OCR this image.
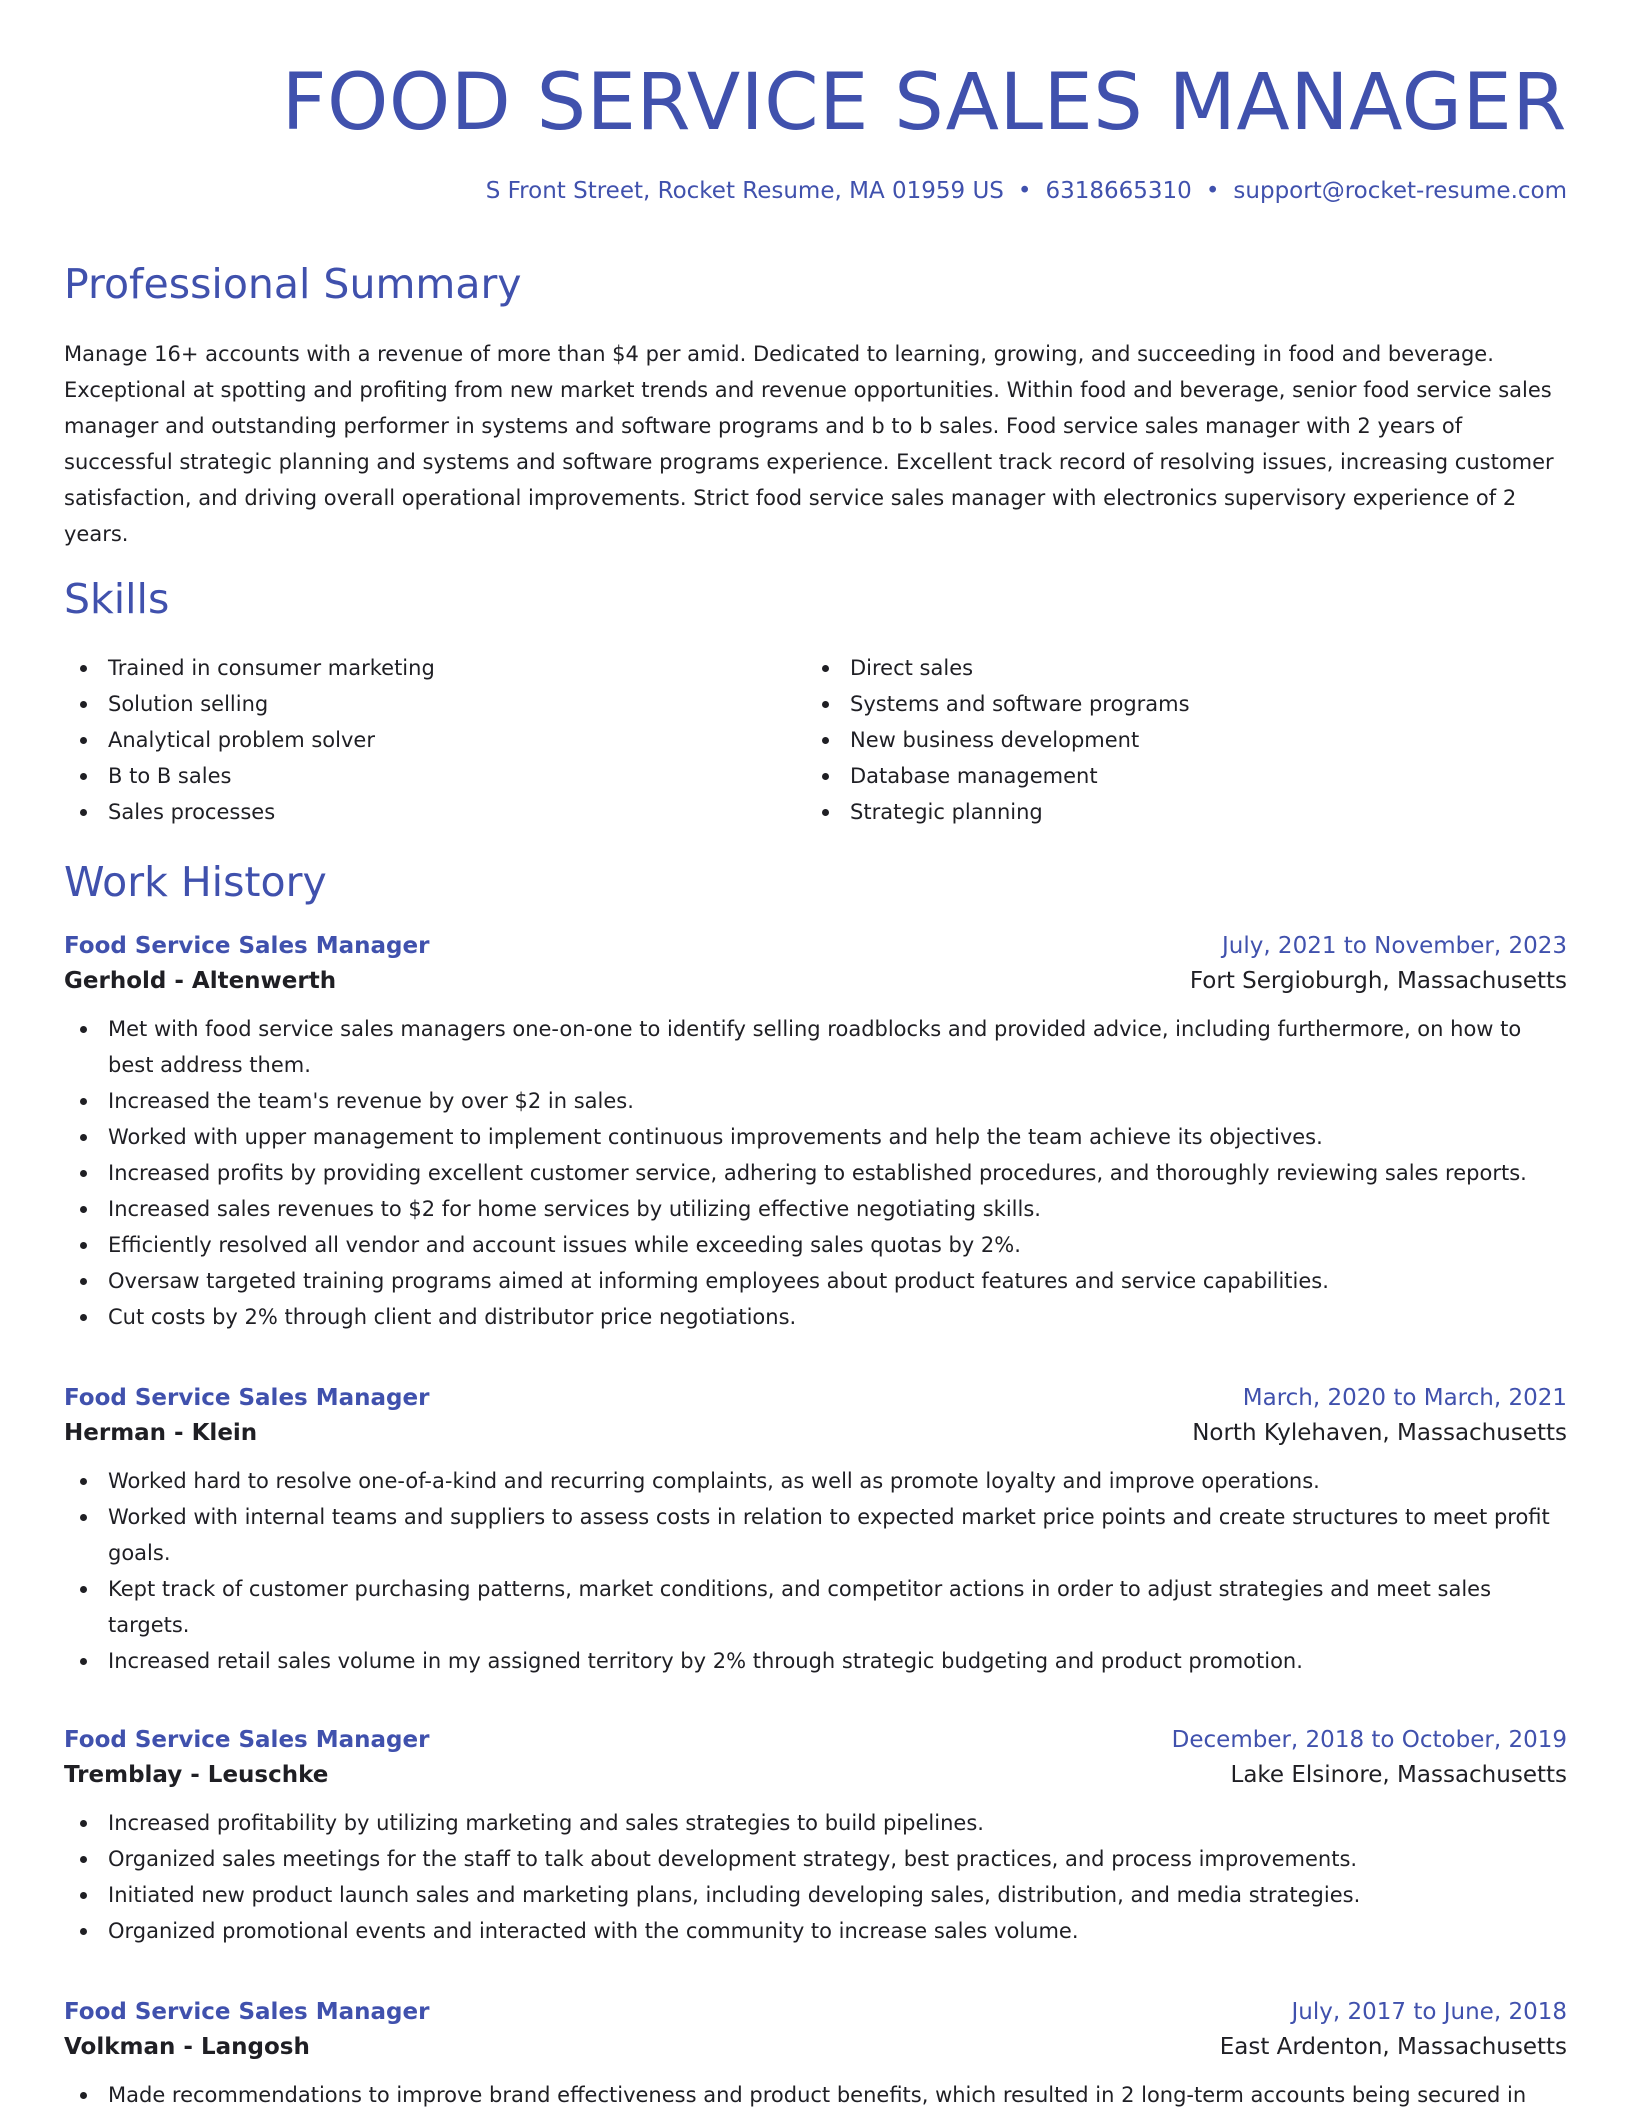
FOOD SERVICE SALES MANAGER
S Front Street, Rocket Resume, MA 01959 US • 6318665310 • support@rocket-resume.com
Professional Summary

Manage 16+ accounts with a revenue of more than $4 per amid. Dedicated to learning, growing, and succeeding in food and beverage. Exceptional at spotting and profiting from new market trends and revenue opportunities. Within food and beverage, senior food service sales manager and outstanding performer in systems and software programs and b to b sales. Food service sales manager with 2 years of successful strategic planning and systems and software programs experience. Excellent track record of resolving issues, increasing customer satisfaction, and driving overall operational improvements. Strict food service sales manager with electronics supervisory experience of 2 years.

Skills
Trained in consumer marketing
Solution selling
Analytical problem solver
B to B sales
Sales processes
Direct sales
Systems and software programs
New business development
Database management
Strategic planning
Work History
Food Service Sales Manager	July, 2021 to November, 2023
Gerhold - Altenwerth	Fort Sergioburgh, Massachusetts
Met with food service sales managers one-on-one to identify selling roadblocks and provided advice, including furthermore, on how to best address them.
Increased the team's revenue by over $2 in sales.
Worked with upper management to implement continuous improvements and help the team achieve its objectives.
Increased profits by providing excellent customer service, adhering to established procedures, and thoroughly reviewing sales reports.
Increased sales revenues to $2 for home services by utilizing effective negotiating skills.
Efficiently resolved all vendor and account issues while exceeding sales quotas by 2%.
Oversaw targeted training programs aimed at informing employees about product features and service capabilities.
Cut costs by 2% through client and distributor price negotiations.
Food Service Sales Manager	March, 2020 to March, 2021
Herman - Klein	North Kylehaven, Massachusetts
Worked hard to resolve one-of-a-kind and recurring complaints, as well as promote loyalty and improve operations.
Worked with internal teams and suppliers to assess costs in relation to expected market price points and create structures to meet profit goals.
Kept track of customer purchasing patterns, market conditions, and competitor actions in order to adjust strategies and meet sales targets.
Increased retail sales volume in my assigned territory by 2% through strategic budgeting and product promotion.
Food Service Sales Manager	December, 2018 to October, 2019
Tremblay - Leuschke	Lake Elsinore, Massachusetts
Increased profitability by utilizing marketing and sales strategies to build pipelines.
Organized sales meetings for the staff to talk about development strategy, best practices, and process improvements.
Initiated new product launch sales and marketing plans, including developing sales, distribution, and media strategies.
Organized promotional events and interacted with the community to increase sales volume.
Food Service Sales Manager	July, 2017 to June, 2018
Volkman - Langosh	East Ardenton, Massachusetts
Made recommendations to improve brand effectiveness and product benefits, which resulted in 2 long-term accounts being secured in
